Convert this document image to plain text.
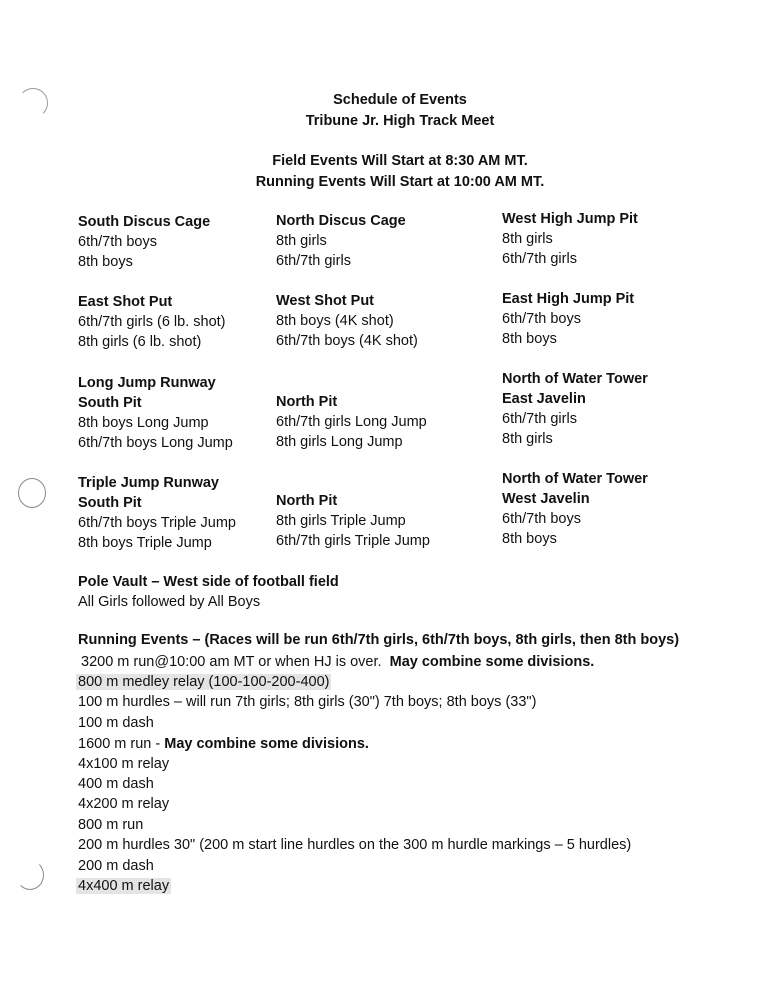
Schedule of Events
Tribune Jr. High Track Meet
Field Events Will Start at 8:30 AM MT.
Running Events Will Start at 10:00 AM MT.
South Discus Cage
6th/7th boys
8th boys
North Discus Cage
8th girls
6th/7th girls
West High Jump Pit
8th girls
6th/7th girls
East Shot Put
6th/7th girls (6 lb. shot)
8th girls (6 lb. shot)
West Shot Put
8th boys (4K shot)
6th/7th boys (4K shot)
East High Jump Pit
6th/7th boys
8th boys
Long Jump Runway
South Pit
8th boys Long Jump
6th/7th boys Long Jump
North Pit
6th/7th girls Long Jump
8th girls Long Jump
North of Water Tower
East Javelin
6th/7th girls
8th girls
Triple Jump Runway
South Pit
6th/7th boys Triple Jump
8th boys Triple Jump
North Pit
8th girls Triple Jump
6th/7th girls Triple Jump
North of Water Tower
West Javelin
6th/7th boys
8th boys
Pole Vault – West side of football field
All Girls followed by All Boys
Running Events – (Races will be run 6th/7th girls, 6th/7th boys, 8th girls, then 8th boys)
3200 m run@10:00 am MT or when HJ is over. May combine some divisions.
800 m medley relay (100-100-200-400)
100 m hurdles – will run 7th girls; 8th girls (30") 7th boys; 8th boys (33")
100 m dash
1600 m run - May combine some divisions.
4x100 m relay
400 m dash
4x200 m relay
800 m run
200 m hurdles 30" (200 m start line hurdles on the 300 m hurdle markings – 5 hurdles)
200 m dash
4x400 m relay
